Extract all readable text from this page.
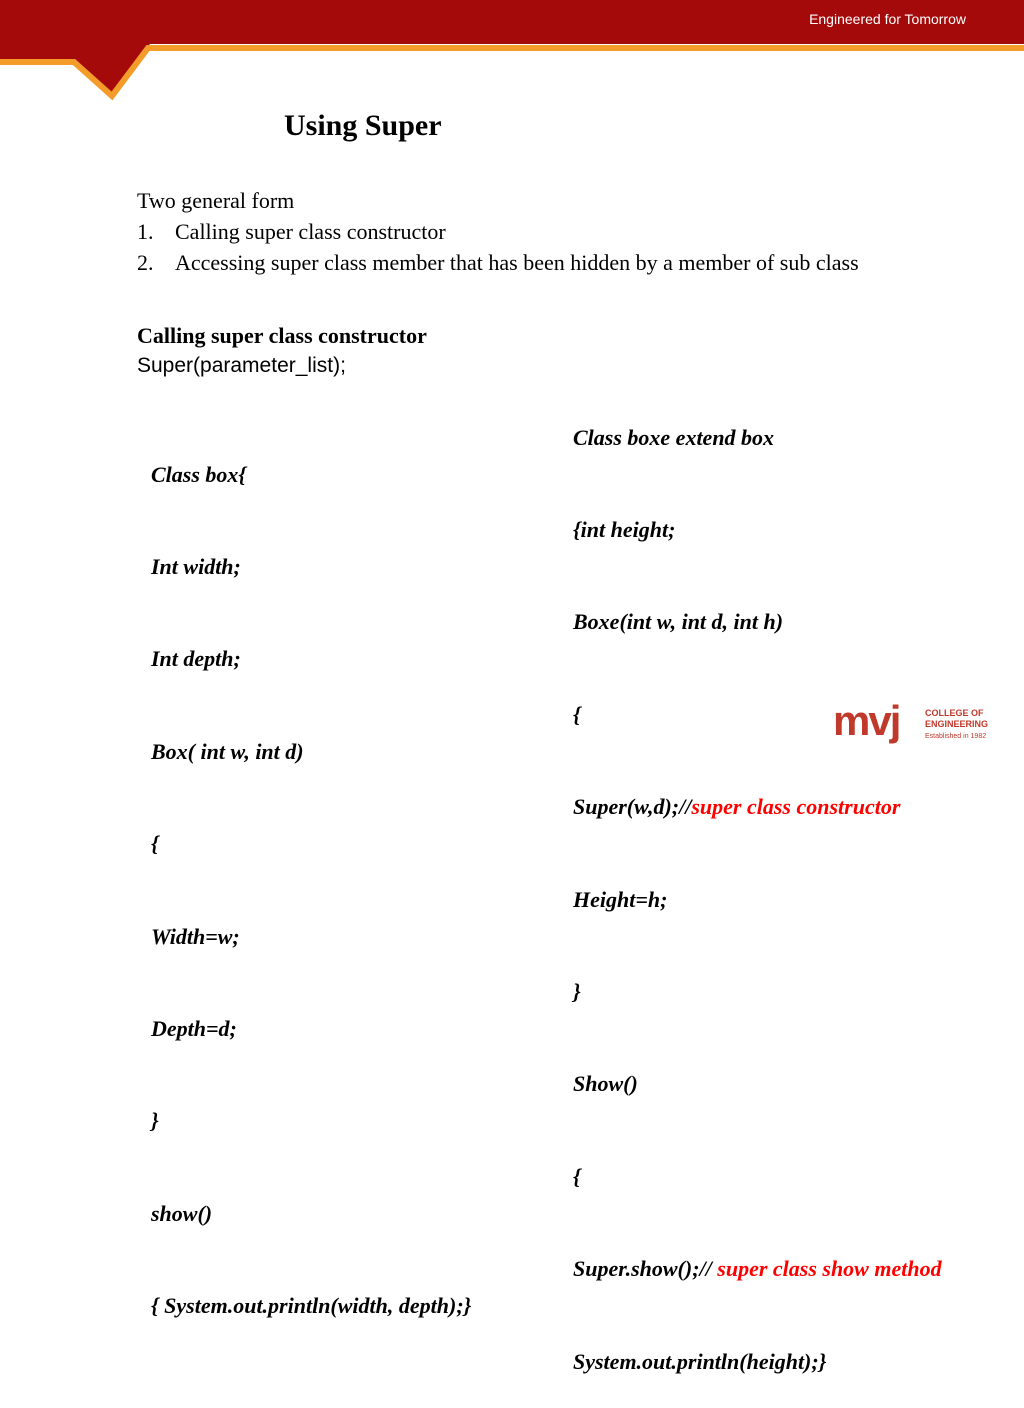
Engineered for Tomorrow
Using Super
Two general form
1. Calling super class constructor
2. Accessing super class member that has been hidden by a member of sub class
Calling super class constructor
Super(parameter_list);

Class box{

Int width;

Int depth;

Box( int w, int d)

{

Width=w;

Depth=d;

}

show()

{ System.out.println(width, depth);}

Class boxe extend box

{int height;

Boxe(int w, int d, int h)

{

Super(w,d);//super class constructor

Height=h;

}

Show()

{

Super.show();// super class show method

System.out.println(height);}

mvj	COLLEGE OF
ENGINEERING
Established in 1982
